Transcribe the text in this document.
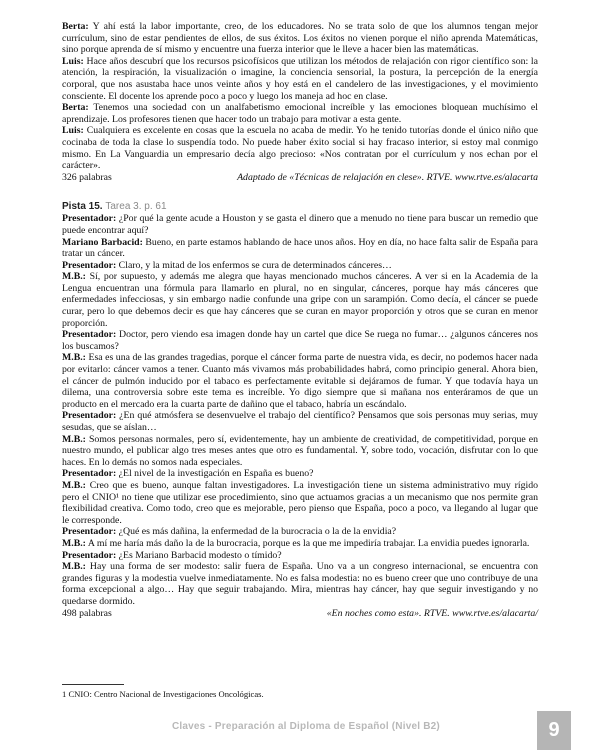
Berta: Y ahí está la labor importante, creo, de los educadores. No se trata solo de que los alumnos tengan mejor currículum, sino de estar pendientes de ellos, de sus éxitos. Los éxitos no vienen porque el niño aprenda Matemáticas, sino porque aprenda de sí mismo y encuentre una fuerza interior que le lleve a hacer bien las matemáticas.

Luis: Hace años descubrí que los recursos psicofísicos que utilizan los métodos de relajación con rigor científico son: la atención, la respiración, la visualización o imagine, la conciencia sensorial, la postura, la percepción de la energía corporal, que nos asustaba hace unos veinte años y hoy está en el candelero de las investigaciones, y el movimiento consciente. El docente los aprende poco a poco y luego los maneja ad hoc en clase.

Berta: Tenemos una sociedad con un analfabetismo emocional increíble y las emociones bloquean muchísimo el aprendizaje. Los profesores tienen que hacer todo un trabajo para motivar a esta gente.

Luis: Cualquiera es excelente en cosas que la escuela no acaba de medir. Yo he tenido tutorías donde el único niño que cocinaba de toda la clase lo suspendía todo. No puede haber éxito social si hay fracaso interior, si estoy mal conmigo mismo. En La Vanguardia un empresario decía algo precioso: «Nos contratan por el currículum y nos echan por el carácter».

326 palabras	Adaptado de «Técnicas de relajación en clese». RTVE. www.rtve.es/alacarta
Pista 15. Tarea 3. p. 61

Presentador: ¿Por qué la gente acude a Houston y se gasta el dinero que a menudo no tiene para buscar un remedio que puede encontrar aquí?

Mariano Barbacid: Bueno, en parte estamos hablando de hace unos años. Hoy en día, no hace falta salir de España para tratar un cáncer.

Presentador: Claro, y la mitad de los enfermos se cura de determinados cánceres…

M.B.: Sí, por supuesto, y además me alegra que hayas mencionado muchos cánceres. A ver si en la Academia de la Lengua encuentran una fórmula para llamarlo en plural, no en singular, cánceres, porque hay más cánceres que enfermedades infecciosas, y sin embargo nadie confunde una gripe con un sarampión. Como decía, el cáncer se puede curar, pero lo que debemos decir es que hay cánceres que se curan en mayor proporción y otros que se curan en menor proporción.

Presentador: Doctor, pero viendo esa imagen donde hay un cartel que dice Se ruega no fumar… ¿algunos cánceres nos los buscamos?

M.B.: Esa es una de las grandes tragedias, porque el cáncer forma parte de nuestra vida, es decir, no podemos hacer nada por evitarlo: cáncer vamos a tener. Cuanto más vivamos más probabilidades habrá, como principio general. Ahora bien, el cáncer de pulmón inducido por el tabaco es perfectamente evitable si dejáramos de fumar. Y que todavía haya un dilema, una controversia sobre este tema es increíble. Yo digo siempre que si mañana nos enteráramos de que un producto en el mercado era la cuarta parte de dañino que el tabaco, habría un escándalo.

Presentador: ¿En qué atmósfera se desenvuelve el trabajo del científico? Pensamos que sois personas muy serias, muy sesudas, que se aíslan…

M.B.: Somos personas normales, pero sí, evidentemente, hay un ambiente de creatividad, de competitividad, porque en nuestro mundo, el publicar algo tres meses antes que otro es fundamental. Y, sobre todo, vocación, disfrutar con lo que haces. En lo demás no somos nada especiales.

Presentador: ¿El nivel de la investigación en España es bueno?

M.B.: Creo que es bueno, aunque faltan investigadores. La investigación tiene un sistema administrativo muy rígido pero el CNIO¹ no tiene que utilizar ese procedimiento, sino que actuamos gracias a un mecanismo que nos permite gran flexibilidad creativa. Como todo, creo que es mejorable, pero pienso que España, poco a poco, va llegando al lugar que le corresponde.

Presentador: ¿Qué es más dañina, la enfermedad de la burocracia o la de la envidia?

M.B.: A mí me haría más daño la de la burocracia, porque es la que me impediría trabajar. La envidia puedes ignorarla.

Presentador: ¿Es Mariano Barbacid modesto o tímido?

M.B.: Hay una forma de ser modesto: salir fuera de España. Uno va a un congreso internacional, se encuentra con grandes figuras y la modestia vuelve inmediatamente. No es falsa modestia: no es bueno creer que uno contribuye de una forma excepcional a algo… Hay que seguir trabajando. Mira, mientras hay cáncer, hay que seguir investigando y no quedarse dormido.

498 palabras	«En noches como esta». RTVE. www.rtve.es/alacarta/
1 CNIO: Centro Nacional de Investigaciones Oncológicas.
Claves - Preparación al Diploma de Español (Nivel B2)	9
